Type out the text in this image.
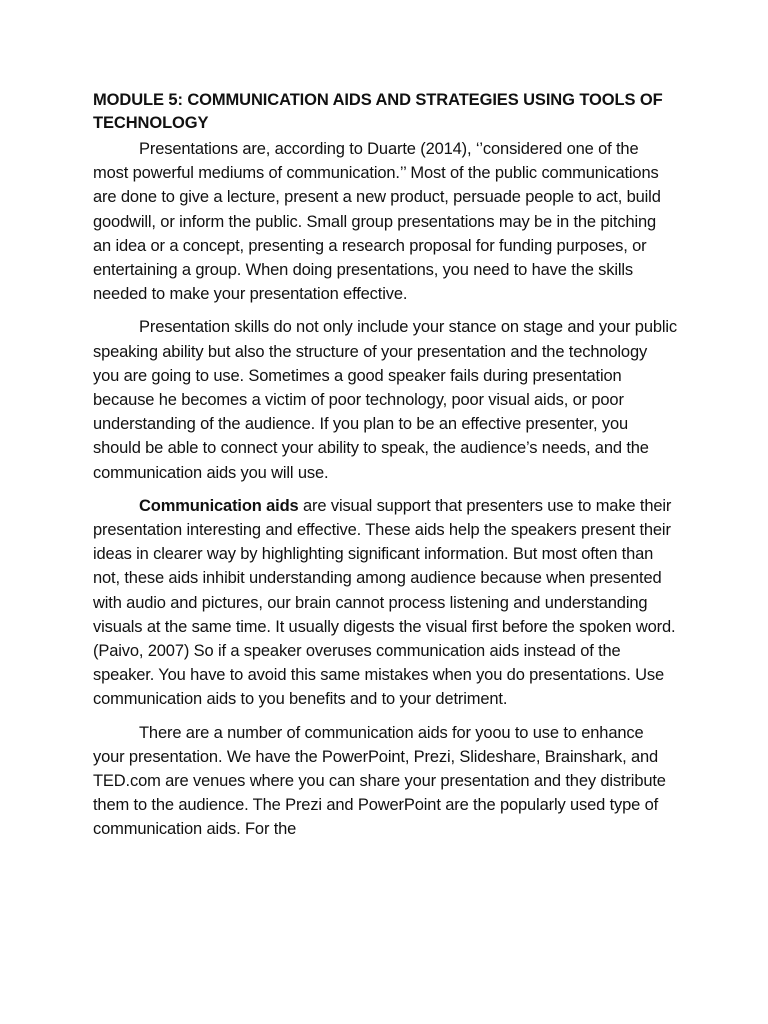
MODULE 5: COMMUNICATION AIDS AND STRATEGIES USING TOOLS OF TECHNOLOGY

Presentations are, according to Duarte (2014), ‘’considered one of the most powerful mediums of communication.’’ Most of the public communications are done to give a lecture, present a new product, persuade people to act, build goodwill, or inform the public. Small group presentations may be in the pitching an idea or a concept, presenting a research proposal for funding purposes, or entertaining a group. When doing presentations, you need to have the skills needed to make your presentation effective.

Presentation skills do not only include your stance on stage and your public speaking ability but also the structure of your presentation and the technology you are going to use. Sometimes a good speaker fails during presentation because he becomes a victim of poor technology, poor visual aids, or poor understanding of the audience. If you plan to be an effective presenter, you should be able to connect your ability to speak, the audience’s needs, and the communication aids you will use.

Communication aids are visual support that presenters use to make their presentation interesting and effective. These aids help the speakers present their ideas in clearer way by highlighting significant information. But most often than not, these aids inhibit understanding among audience because when presented with audio and pictures, our brain cannot process listening and understanding visuals at the same time. It usually digests the visual first before the spoken word. (Paivo, 2007) So if a speaker overuses communication aids instead of the speaker. You have to avoid this same mistakes when you do presentations. Use communication aids to you benefits and to your detriment.

There are a number of communication aids for yoou to use to enhance your presentation. We have the PowerPoint, Prezi, Slideshare, Brainshark, and TED.com are venues where you can share your presentation and they distribute them to the audience. The Prezi and PowerPoint are the popularly used type of communication aids. For the
